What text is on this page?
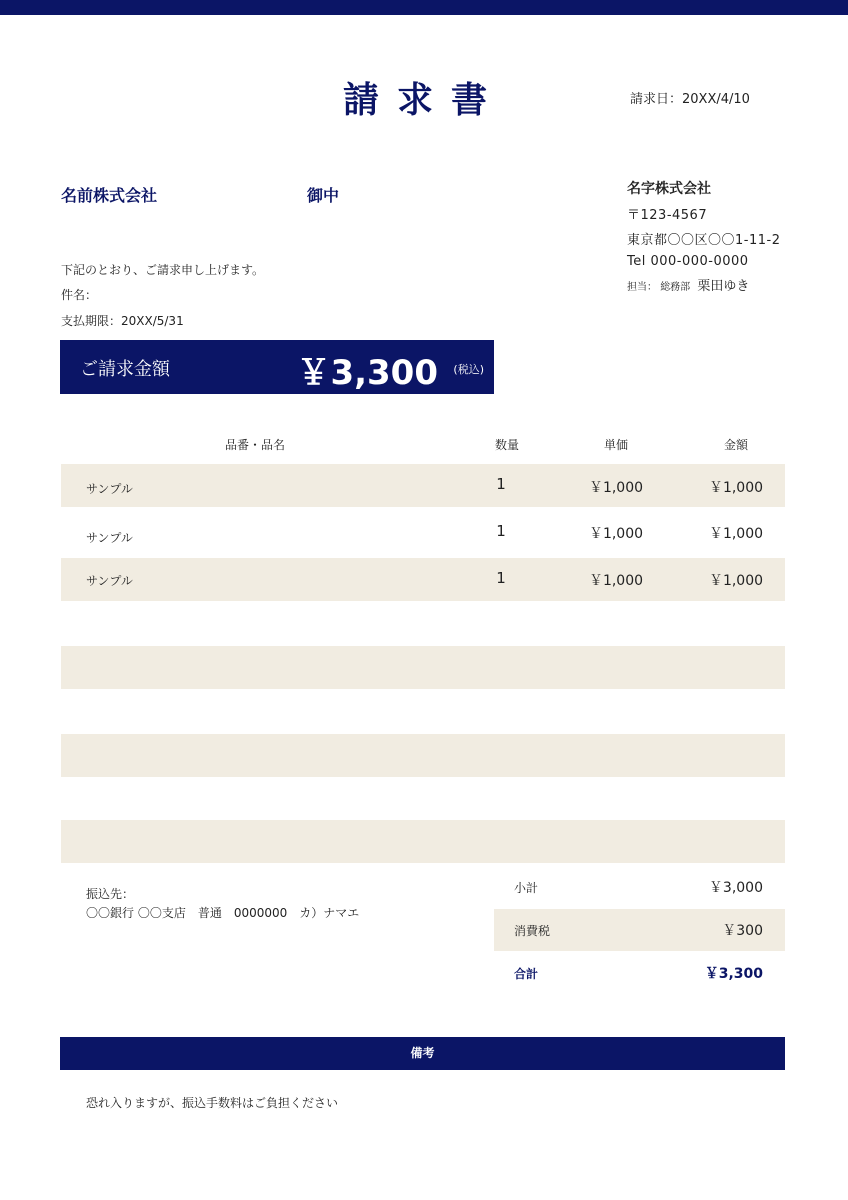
請求書	請求日：20XX/4/10
名前株式会社	御中	名字株式会社
〒123-4567
東京都〇〇区〇〇1-11-2
Tel 000-000-0000
担当： 総務部 栗田ゆき
下記のとおり、ご請求申し上げます。
件名：
支払期限：20XX/5/31
ご請求金額	￥3,300 (税込)
品番・品名	数量	単価	金額
サンプル	1	￥1,000	￥1,000
サンプル	1	￥1,000	￥1,000
サンプル	1	￥1,000	￥1,000
振込先：
〇〇銀行 〇〇支店　普通　0000000　カ）ナマエ
小計	￥3,000
消費税	￥300
合計	￥3,300
備考
恐れ入りますが、振込手数料はご負担ください
